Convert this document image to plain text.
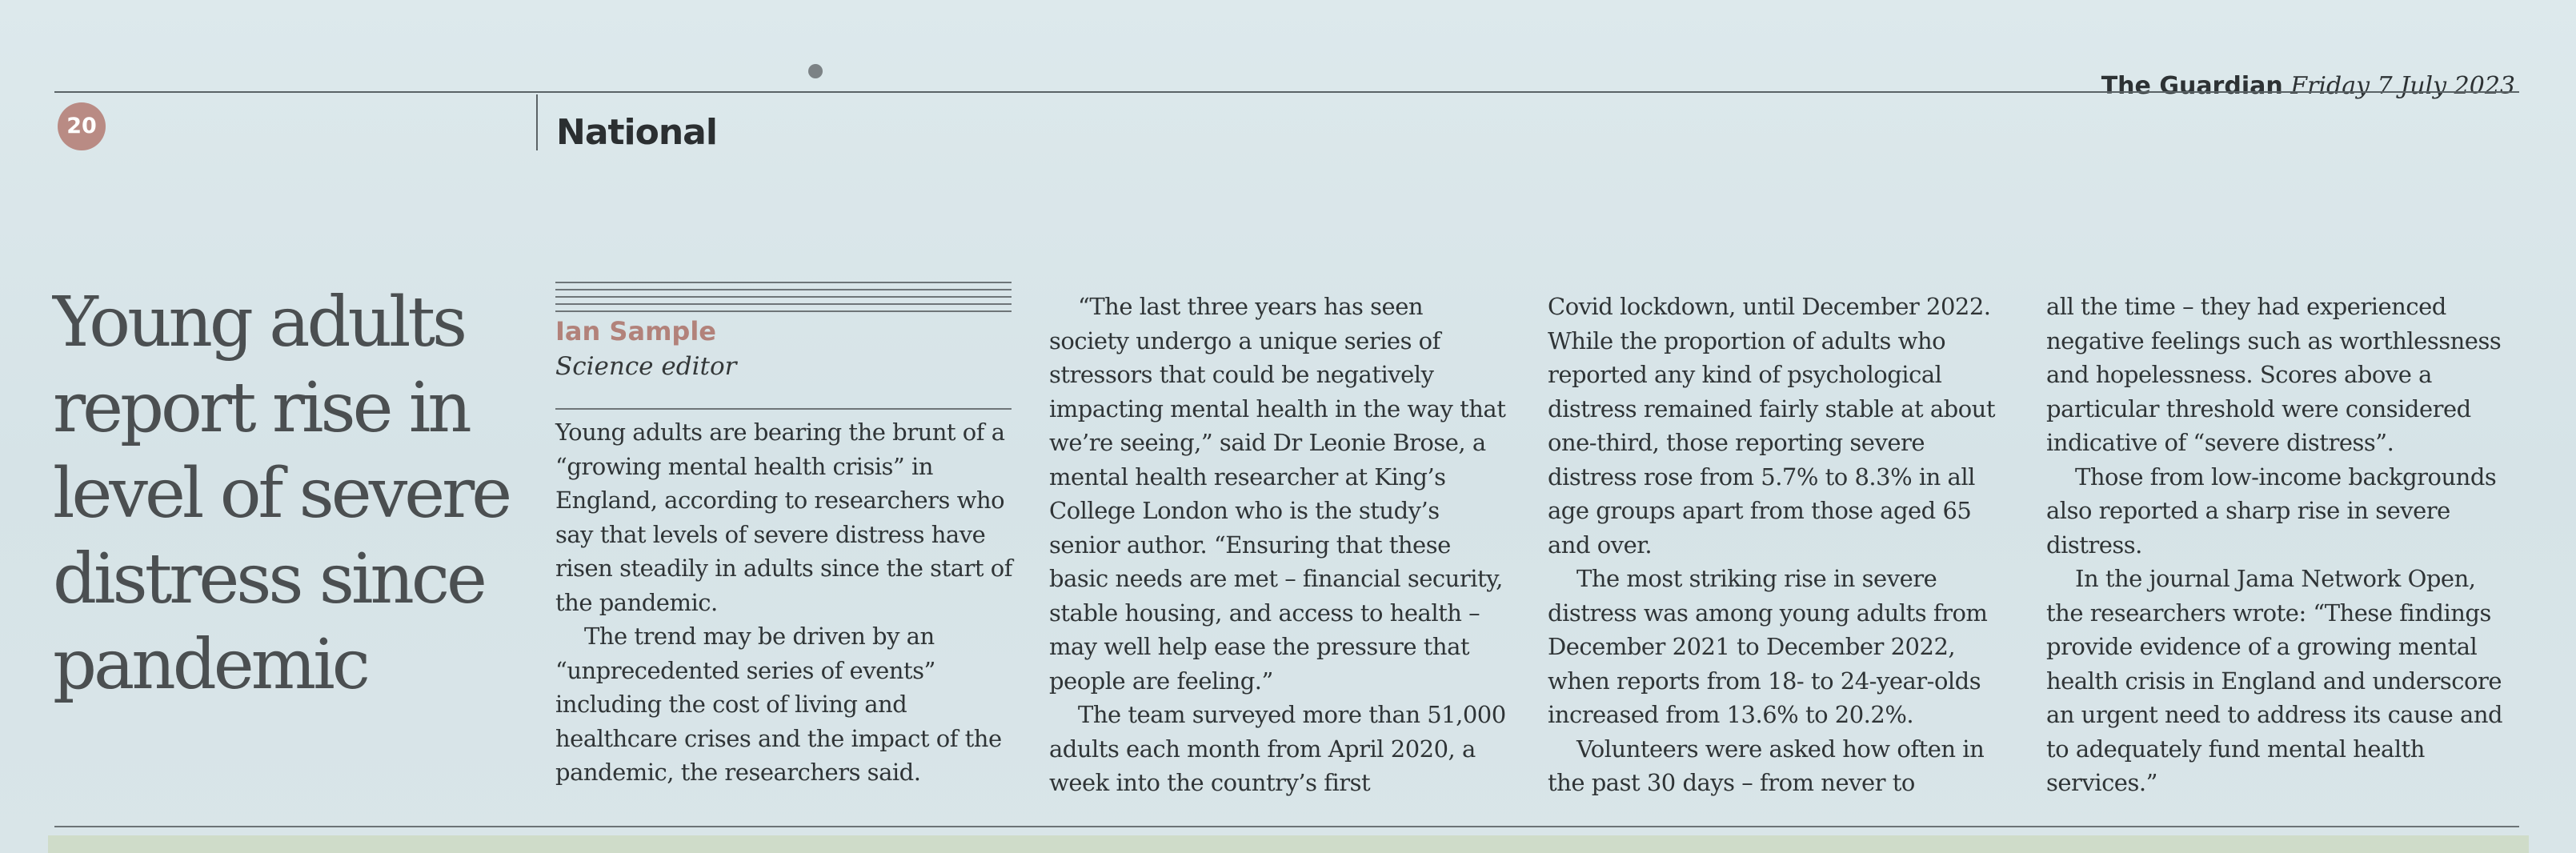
The Guardian Friday 7 July 2023
20	National
Young adults report rise in level of severe distress since pandemic
Ian Sample
Science editor

Young adults are bearing the brunt of a “growing mental health crisis” in England, according to researchers who say that levels of severe distress have risen steadily in adults since the start of the pandemic.

The trend may be driven by an “unprecedented series of events” including the cost of living and healthcare crises and the impact of the pandemic, the researchers said.

“The last three years has seen society undergo a unique series of stressors that could be negatively impacting mental health in the way that we’re seeing,” said Dr Leonie Brose, a mental health researcher at King’s College London who is the study’s senior author. “Ensuring that these basic needs are met – financial security, stable housing, and access to health – may well help ease the pressure that people are feeling.”

The team surveyed more than 51,000 adults each month from April 2020, a week into the country’s first

Covid lockdown, until December 2022. While the proportion of adults who reported any kind of psychological distress remained fairly stable at about one-third, those reporting severe distress rose from 5.7% to 8.3% in all age groups apart from those aged 65 and over.

The most striking rise in severe distress was among young adults from December 2021 to December 2022, when reports from 18- to 24-year-olds increased from 13.6% to 20.2%.

Volunteers were asked how often in the past 30 days – from never to

all the time – they had experienced negative feelings such as worthlessness and hopelessness. Scores above a particular threshold were considered indicative of “severe distress”.

Those from low-income backgrounds also reported a sharp rise in severe distress.

In the journal Jama Network Open, the researchers wrote: “These findings provide evidence of a growing mental health crisis in England and underscore an urgent need to address its cause and to adequately fund mental health services.”
